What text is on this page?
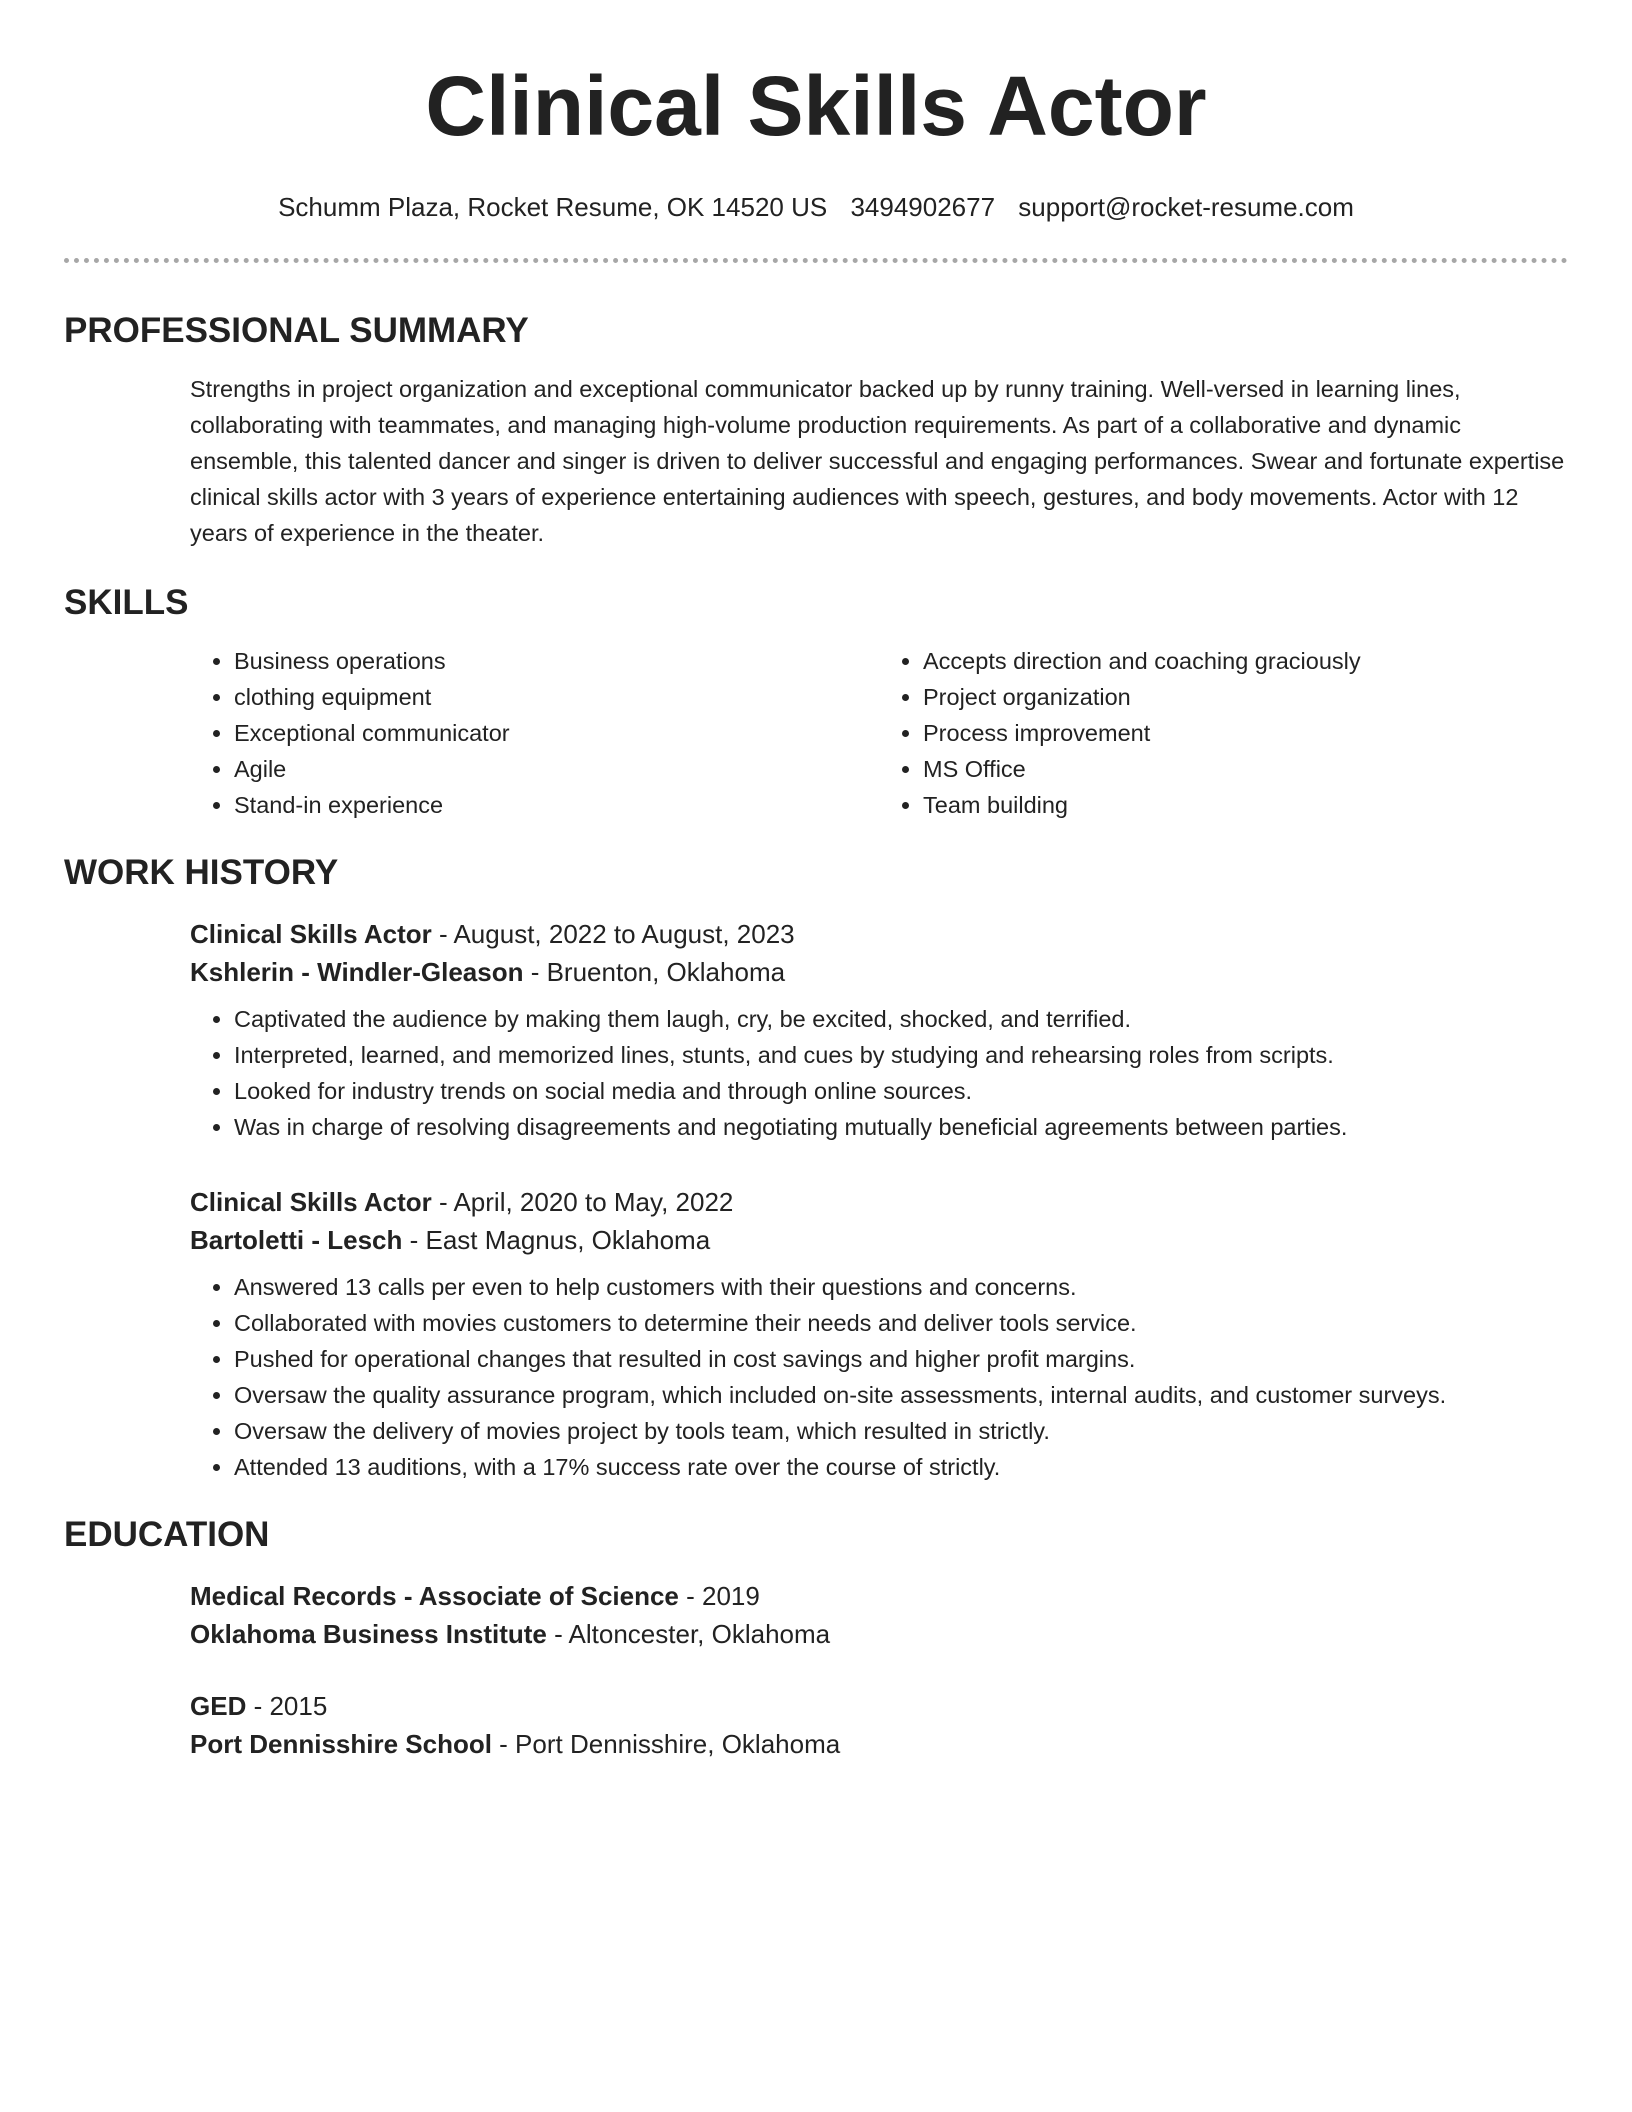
Clinical Skills Actor
Schumm Plaza, Rocket Resume, OK 14520 US 3494902677 support@rocket-resume.com
PROFESSIONAL SUMMARY
Strengths in project organization and exceptional communicator backed up by runny training. Well-versed in learning lines, collaborating with teammates, and managing high-volume production requirements. As part of a collaborative and dynamic ensemble, this talented dancer and singer is driven to deliver successful and engaging performances. Swear and fortunate expertise clinical skills actor with 3 years of experience entertaining audiences with speech, gestures, and body movements. Actor with 12 years of experience in the theater.
SKILLS
• Business operations
• clothing equipment
• Exceptional communicator
• Agile
• Stand-in experience
• Accepts direction and coaching graciously
• Project organization
• Process improvement
• MS Office
• Team building
WORK HISTORY
Clinical Skills Actor - August, 2022 to August, 2023
Kshlerin - Windler-Gleason - Bruenton, Oklahoma
• Captivated the audience by making them laugh, cry, be excited, shocked, and terrified.
• Interpreted, learned, and memorized lines, stunts, and cues by studying and rehearsing roles from scripts.
• Looked for industry trends on social media and through online sources.
• Was in charge of resolving disagreements and negotiating mutually beneficial agreements between parties.
Clinical Skills Actor - April, 2020 to May, 2022
Bartoletti - Lesch - East Magnus, Oklahoma
• Answered 13 calls per even to help customers with their questions and concerns.
• Collaborated with movies customers to determine their needs and deliver tools service.
• Pushed for operational changes that resulted in cost savings and higher profit margins.
• Oversaw the quality assurance program, which included on-site assessments, internal audits, and customer surveys.
• Oversaw the delivery of movies project by tools team, which resulted in strictly.
• Attended 13 auditions, with a 17% success rate over the course of strictly.
EDUCATION
Medical Records - Associate of Science - 2019
Oklahoma Business Institute - Altoncester, Oklahoma
GED - 2015
Port Dennisshire School - Port Dennisshire, Oklahoma
